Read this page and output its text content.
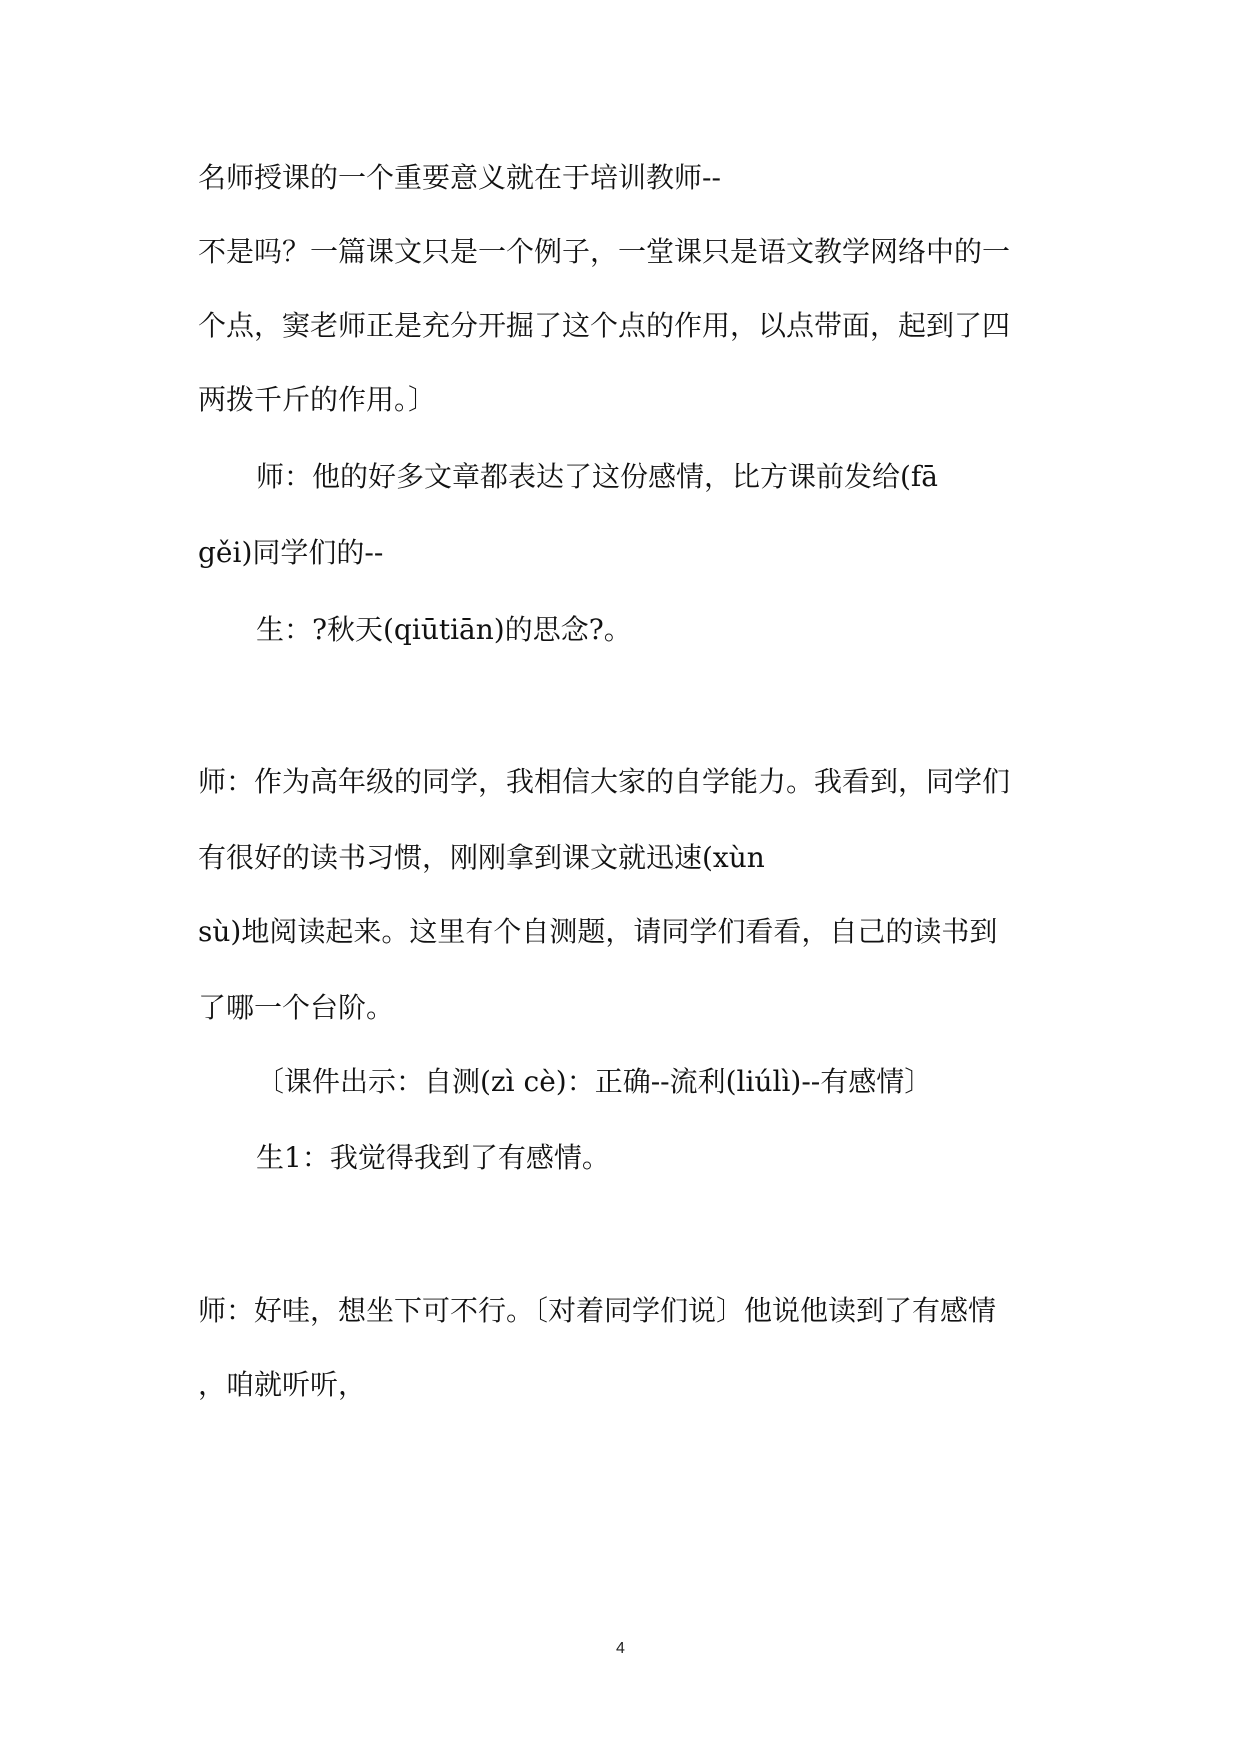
名师授课的一个重要意义就在于培训教师--
不是吗？一篇课文只是一个例子，一堂课只是语文教学网络中的一
个点，窦老师正是充分开掘了这个点的作用，以点带面，起到了四
两拨千斤的作用。〕
师：他的好多文章都表达了这份感情，比方课前发给(fā
gěi)同学们的--
生：?秋天(qiūtiān)的思念?。
师：作为高年级的同学，我相信大家的自学能力。我看到，同学们
有很好的读书习惯，刚刚拿到课文就迅速(xùn
sù)地阅读起来。这里有个自测题，请同学们看看，自己的读书到
了哪一个台阶。
〔课件出示：自测(zì cè)：正确--流利(liúlì)--有感情〕
生1：我觉得我到了有感情。
师：好哇，想坐下可不行。〔对着同学们说〕他说他读到了有感情
，咱就听听，
4
